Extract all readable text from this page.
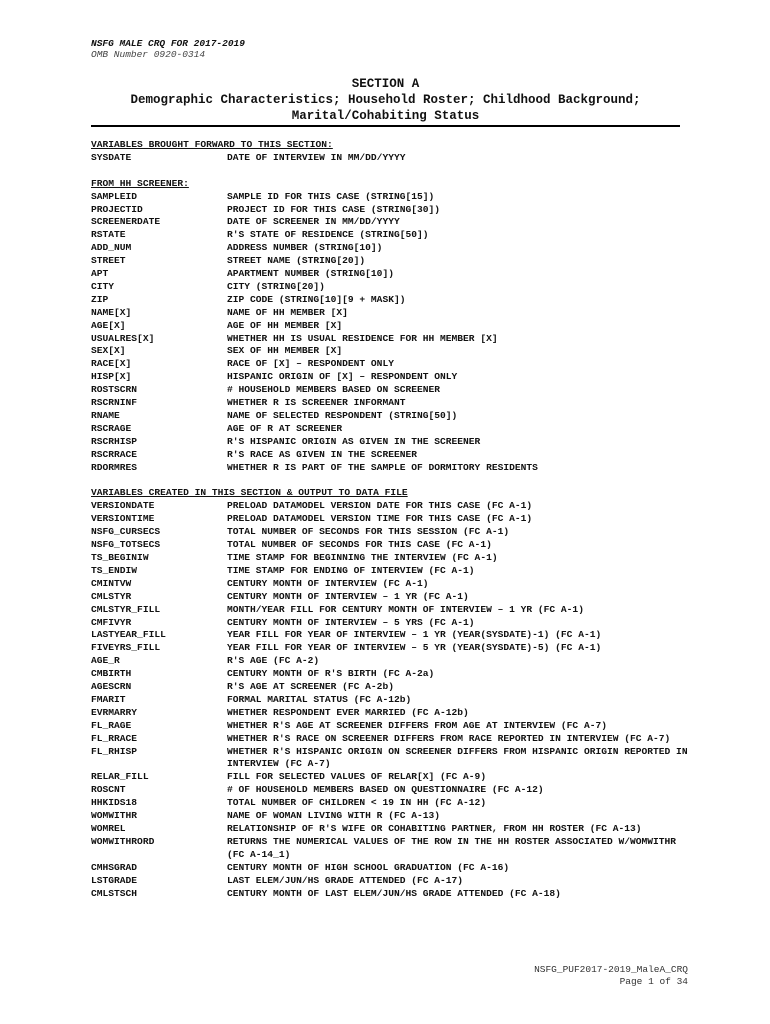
NSFG MALE CRQ FOR 2017-2019
OMB Number 0920-0314
SECTION A
Demographic Characteristics; Household Roster; Childhood Background;
Marital/Cohabiting Status
VARIABLES BROUGHT FORWARD TO THIS SECTION:
SYSDATE	DATE OF INTERVIEW IN MM/DD/YYYY
FROM HH SCREENER:
SAMPLEID	SAMPLE ID FOR THIS CASE (STRING[15])
PROJECTID	PROJECT ID FOR THIS CASE (STRING[30])
SCREENERDATE	DATE OF SCREENER IN MM/DD/YYYY
RSTATE	R'S STATE OF RESIDENCE (STRING[50])
ADD_NUM	ADDRESS NUMBER (STRING[10])
STREET	STREET NAME (STRING[20])
APT	APARTMENT NUMBER (STRING[10])
CITY	CITY (STRING[20])
ZIP	ZIP CODE (STRING[10][9 + MASK])
NAME[X]	NAME OF HH MEMBER [X]
AGE[X]	AGE OF HH MEMBER [X]
USUALRES[X]	WHETHER HH IS USUAL RESIDENCE FOR HH MEMBER [X]
SEX[X]	SEX OF HH MEMBER [X]
RACE[X]	RACE OF [X] – RESPONDENT ONLY
HISP[X]	HISPANIC ORIGIN OF [X] – RESPONDENT ONLY
ROSTSCRN	# HOUSEHOLD MEMBERS BASED ON SCREENER
RSCRNINF	WHETHER R IS SCREENER INFORMANT
RNAME	NAME OF SELECTED RESPONDENT (STRING[50])
RSCRAGE	AGE OF R AT SCREENER
RSCRHISP	R'S HISPANIC ORIGIN AS GIVEN IN THE SCREENER
RSCRRACE	R'S RACE AS GIVEN IN THE SCREENER
RDORMRES	WHETHER R IS PART OF THE SAMPLE OF DORMITORY RESIDENTS
VARIABLES CREATED IN THIS SECTION & OUTPUT TO DATA FILE
VERSIONDATE	PRELOAD DATAMODEL VERSION DATE FOR THIS CASE (FC A-1)
VERSIONTIME	PRELOAD DATAMODEL VERSION TIME FOR THIS CASE (FC A-1)
NSFG_CURSECS	TOTAL NUMBER OF SECONDS FOR THIS SESSION (FC A-1)
NSFG_TOTSECS	TOTAL NUMBER OF SECONDS FOR THIS CASE (FC A-1)
TS_BEGINIW	TIME STAMP FOR BEGINNING THE INTERVIEW (FC A-1)
TS_ENDIW	TIME STAMP FOR ENDING OF INTERVIEW (FC A-1)
CMINTVW	CENTURY MONTH OF INTERVIEW (FC A-1)
CMLSTYR	CENTURY MONTH OF INTERVIEW – 1 YR (FC A-1)
CMLSTYR_FILL	MONTH/YEAR FILL FOR CENTURY MONTH OF INTERVIEW – 1 YR (FC A-1)
CMFIVYR	CENTURY MONTH OF INTERVIEW – 5 YRS (FC A-1)
LASTYEAR_FILL	YEAR FILL FOR YEAR OF INTERVIEW – 1 YR (YEAR(SYSDATE)-1) (FC A-1)
FIVEYRS_FILL	YEAR FILL FOR YEAR OF INTERVIEW – 5 YR (YEAR(SYSDATE)-5) (FC A-1)
AGE_R	R'S AGE (FC A-2)
CMBIRTH	CENTURY MONTH OF R'S BIRTH (FC A-2a)
AGESCRN	R'S AGE AT SCREENER (FC A-2b)
FMARIT	FORMAL MARITAL STATUS (FC A-12b)
EVRMARRY	WHETHER RESPONDENT EVER MARRIED (FC A-12b)
FL_RAGE	WHETHER R'S AGE AT SCREENER DIFFERS FROM AGE AT INTERVIEW (FC A-7)
FL_RRACE	WHETHER R'S RACE ON SCREENER DIFFERS FROM RACE REPORTED IN INTERVIEW (FC A-7)
FL_RHISP	WHETHER R'S HISPANIC ORIGIN ON SCREENER DIFFERS FROM HISPANIC ORIGIN REPORTED IN INTERVIEW (FC A-7)
RELAR_FILL	FILL FOR SELECTED VALUES OF RELAR[X] (FC A-9)
ROSCNT	# OF HOUSEHOLD MEMBERS BASED ON QUESTIONNAIRE (FC A-12)
HHKIDS18	TOTAL NUMBER OF CHILDREN < 19 IN HH (FC A-12)
WOMWITHR	NAME OF WOMAN LIVING WITH R (FC A-13)
WOMREL	RELATIONSHIP OF R'S WIFE OR COHABITING PARTNER, FROM HH ROSTER (FC A-13)
WOMWITHRORD	RETURNS THE NUMERICAL VALUES OF THE ROW IN THE HH ROSTER ASSOCIATED W/WOMWITHR (FC A-14_1)
CMHSGRAD	CENTURY MONTH OF HIGH SCHOOL GRADUATION (FC A-16)
LSTGRADE	LAST ELEM/JUN/HS GRADE ATTENDED (FC A-17)
CMLSTSCH	CENTURY MONTH OF LAST ELEM/JUN/HS GRADE ATTENDED (FC A-18)
NSFG_PUF2017-2019_MaleA_CRQ
Page 1 of 34
